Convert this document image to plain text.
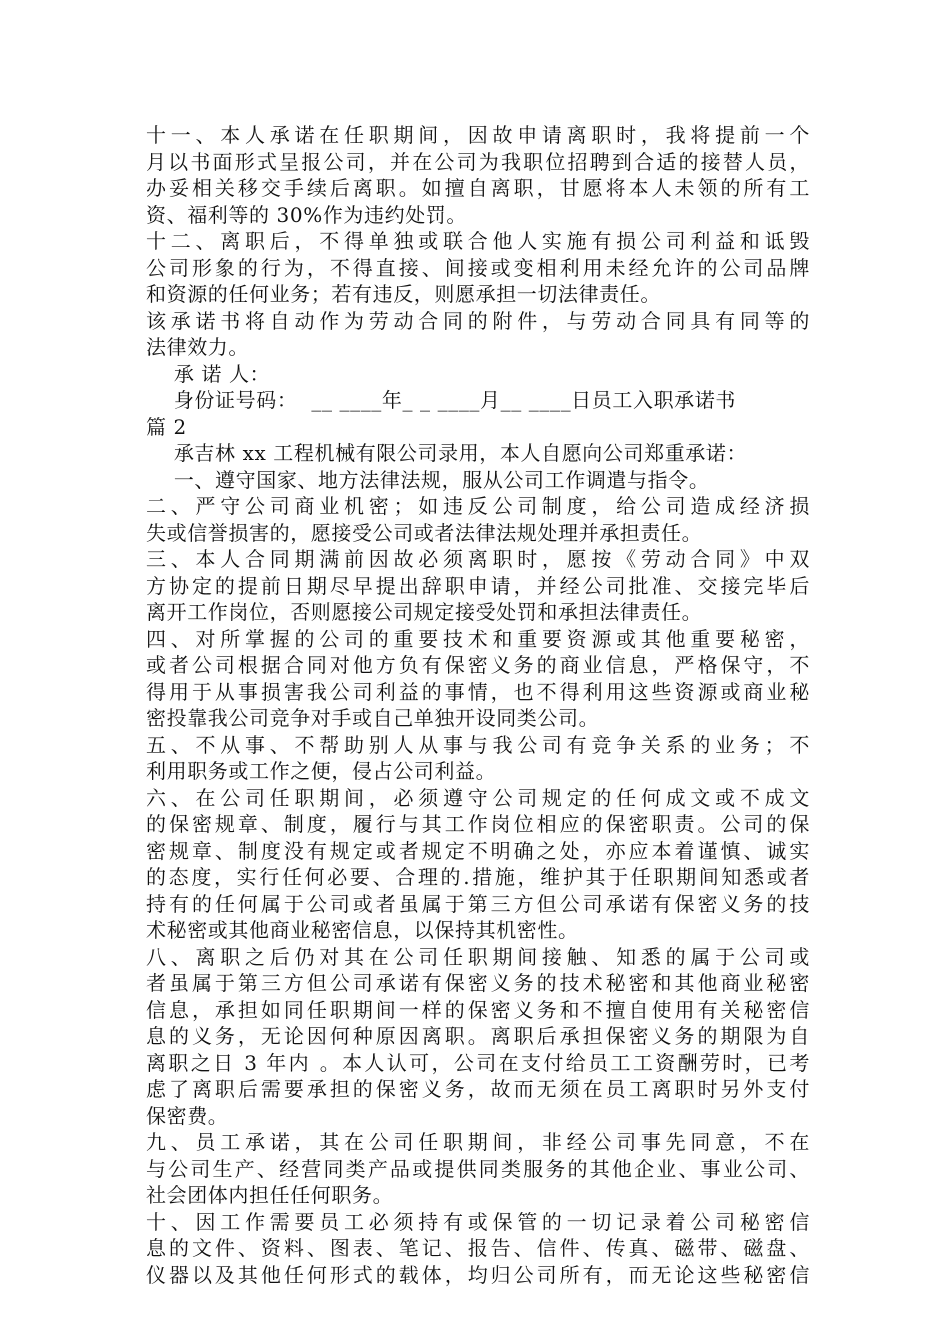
十一、本人承诺在任职期间，因故申请离职时，我将提前一个
月以书面形式呈报公司，并在公司为我职位招聘到合适的接替人员，
办妥相关移交手续后离职。如擅自离职，甘愿将本人未领的所有工
资、福利等的 30%作为违约处罚。
十二、离职后，不得单独或联合他人实施有损公司利益和诋毁
公司形象的行为，不得直接、间接或变相利用未经允许的公司品牌
和资源的任何业务；若有违反，则愿承担一切法律责任。
该承诺书将自动作为劳动合同的附件，与劳动合同具有同等的
法律效力。
承 诺 人：
身份证号码：  __ ____年_ _ ____月__ ____日员工入职承诺书
篇 2
承吉林 xx 工程机械有限公司录用，本人自愿向公司郑重承诺：
一、遵守国家、地方法律法规，服从公司工作调遣与指令。
二、严守公司商业机密；如违反公司制度，给公司造成经济损
失或信誉损害的，愿接受公司或者法律法规处理并承担责任。
三、本人合同期满前因故必须离职时，愿按《劳动合同》中双
方协定的提前日期尽早提出辞职申请，并经公司批准、交接完毕后
离开工作岗位，否则愿接公司规定接受处罚和承担法律责任。
四、对所掌握的公司的重要技术和重要资源或其他重要秘密，
或者公司根据合同对他方负有保密义务的商业信息，严格保守，不
得用于从事损害我公司利益的事情，也不得利用这些资源或商业秘
密投靠我公司竞争对手或自己单独开设同类公司。
五、不从事、不帮助别人从事与我公司有竞争关系的业务；不
利用职务或工作之便，侵占公司利益。
六、在公司任职期间，必须遵守公司规定的任何成文或不成文
的保密规章、制度，履行与其工作岗位相应的保密职责。公司的保
密规章、制度没有规定或者规定不明确之处，亦应本着谨慎、诚实
的态度，实行任何必要、合理的.措施，维护其于任职期间知悉或者
持有的任何属于公司或者虽属于第三方但公司承诺有保密义务的技
术秘密或其他商业秘密信息，以保持其机密性。
八、离职之后仍对其在公司任职期间接触、知悉的属于公司或
者虽属于第三方但公司承诺有保密义务的技术秘密和其他商业秘密
信息，承担如同任职期间一样的保密义务和不擅自使用有关秘密信
息的义务，无论因何种原因离职。离职后承担保密义务的期限为自
离职之日 3 年内 。本人认可，公司在支付给员工工资酬劳时，已考
虑了离职后需要承担的保密义务，故而无须在员工离职时另外支付
保密费。
九、员工承诺，其在公司任职期间，非经公司事先同意，不在
与公司生产、经营同类产品或提供同类服务的其他企业、事业公司、
社会团体内担任任何职务。
十、因工作需要员工必须持有或保管的一切记录着公司秘密信
息的文件、资料、图表、笔记、报告、信件、传真、磁带、磁盘、
仪器以及其他任何形式的载体，均归公司所有，而无论这些秘密信
